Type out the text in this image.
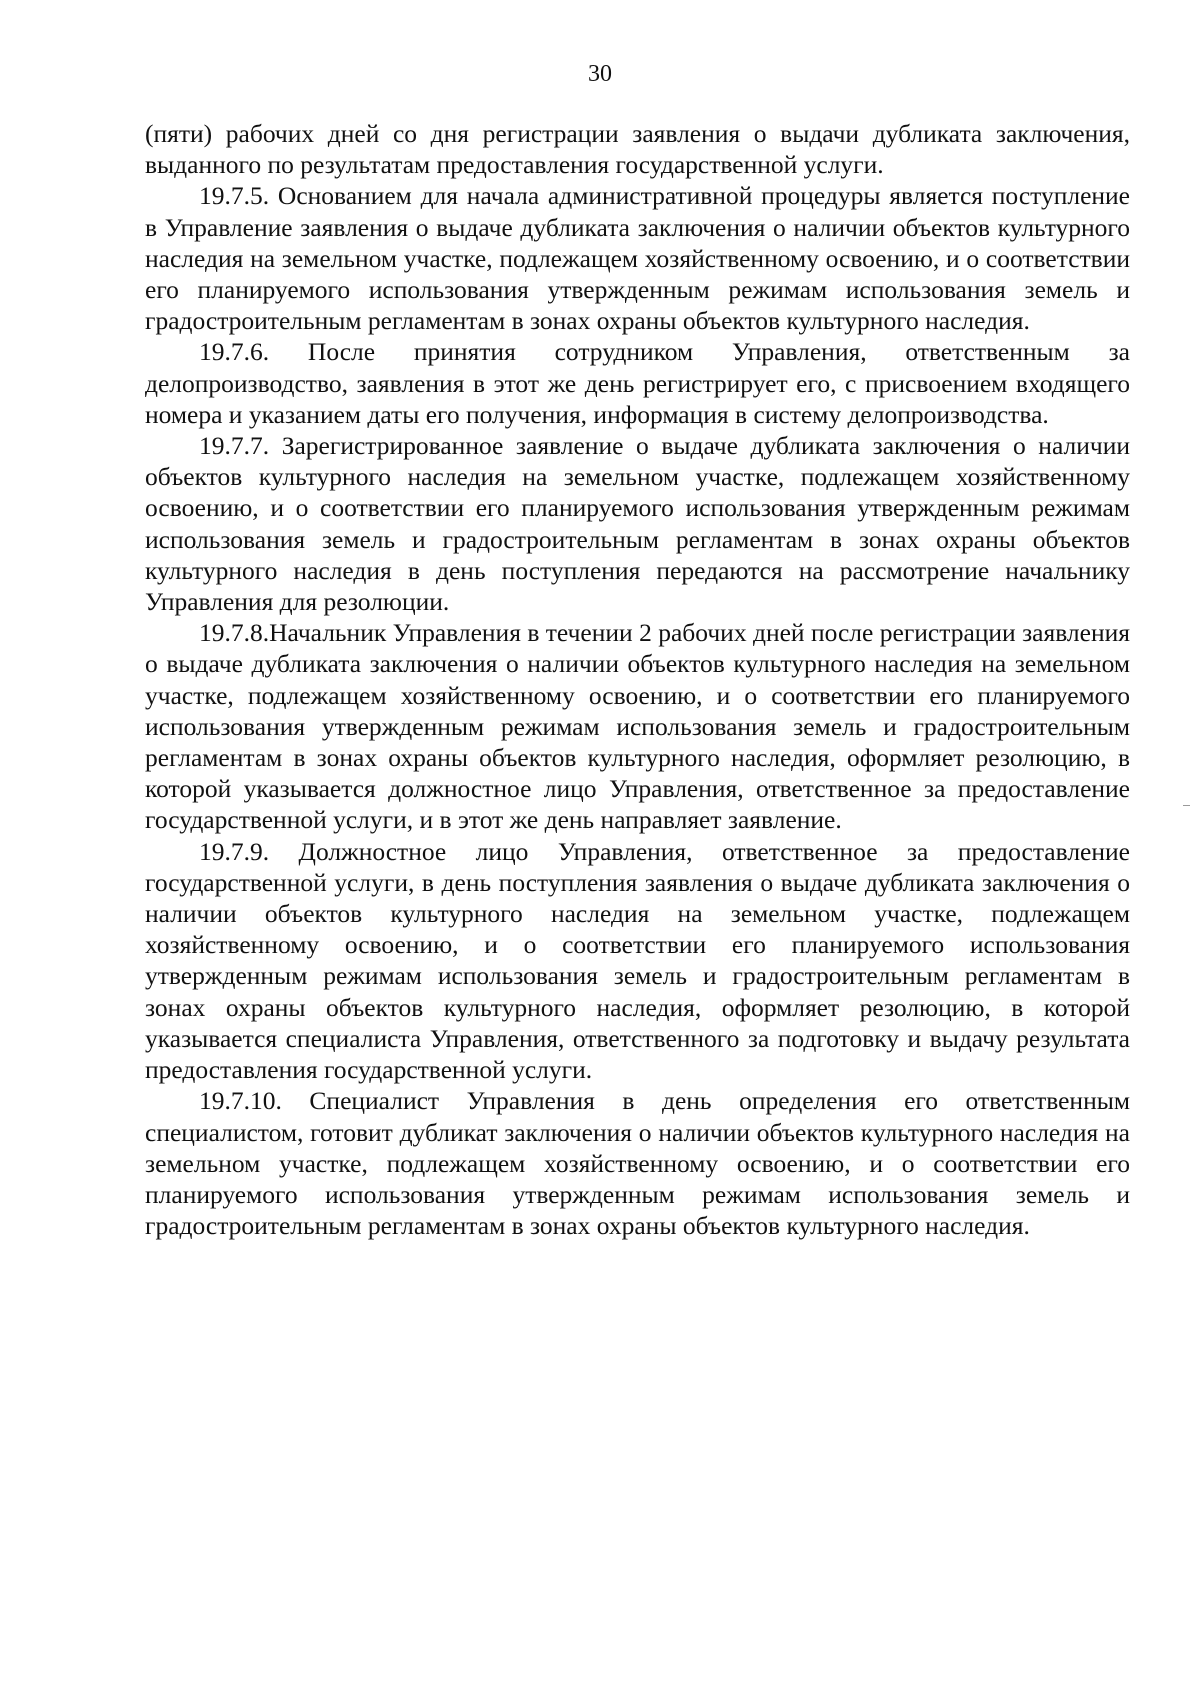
30

(пяти) рабочих дней со дня регистрации заявления о выдачи дубликата заключения, выданного по результатам предоставления государственной услуги.

19.7.5. Основанием для начала административной процедуры является поступление в Управление заявления о выдаче дубликата заключения о наличии объектов культурного наследия на земельном участке, подлежащем хозяйственному освоению, и о соответствии его планируемого использования утвержденным режимам использования земель и градостроительным регламентам в зонах охраны объектов культурного наследия.

19.7.6. После принятия сотрудником Управления, ответственным за делопроизводство, заявления в этот же день регистрирует его, с присвоением входящего номера и указанием даты его получения, информация в систему делопроизводства.

19.7.7. Зарегистрированное заявление о выдаче дубликата заключения о наличии объектов культурного наследия на земельном участке, подлежащем хозяйственному освоению, и о соответствии его планируемого использования утвержденным режимам использования земель и градостроительным регламентам в зонах охраны объектов культурного наследия в день поступления передаются на рассмотрение начальнику Управления для резолюции.

19.7.8.Начальник Управления в течении 2 рабочих дней после регистрации заявления о выдаче дубликата заключения о наличии объектов культурного наследия на земельном участке, подлежащем хозяйственному освоению, и о соответствии его планируемого использования утвержденным режимам использования земель и градостроительным регламентам в зонах охраны объектов культурного наследия, оформляет резолюцию, в которой указывается должностное лицо Управления, ответственное за предоставление государственной услуги, и в этот же день направляет заявление.

19.7.9. Должностное лицо Управления, ответственное за предоставление государственной услуги, в день поступления заявления о выдаче дубликата заключения о наличии объектов культурного наследия на земельном участке, подлежащем хозяйственному освоению, и о соответствии его планируемого использования утвержденным режимам использования земель и градостроительным регламентам в зонах охраны объектов культурного наследия, оформляет резолюцию, в которой указывается специалиста Управления, ответственного за подготовку и выдачу результата предоставления государственной услуги.

19.7.10. Специалист Управления в день определения его ответственным специалистом, готовит дубликат заключения о наличии объектов культурного наследия на земельном участке, подлежащем хозяйственному освоению, и о соответствии его планируемого использования утвержденным режимам использования земель и градостроительным регламентам в зонах охраны объектов культурного наследия.
